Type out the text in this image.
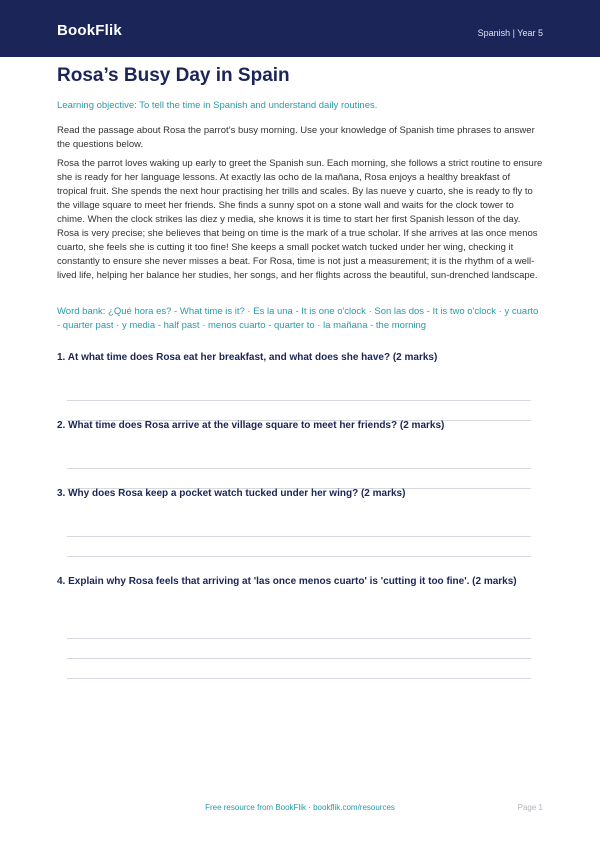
BookFlik	Spanish | Year 5
Rosa’s Busy Day in Spain
Learning objective: To tell the time in Spanish and understand daily routines.

Read the passage about Rosa the parrot’s busy morning. Use your knowledge of Spanish time phrases to answer the questions below.

Rosa the parrot loves waking up early to greet the Spanish sun. Each morning, she follows a strict routine to ensure she is ready for her language lessons. At exactly las ocho de la mañana, Rosa enjoys a healthy breakfast of tropical fruit. She spends the next hour practising her trills and scales. By las nueve y cuarto, she is ready to fly to the village square to meet her friends. She finds a sunny spot on a stone wall and waits for the clock tower to chime. When the clock strikes las diez y media, she knows it is time to start her first Spanish lesson of the day. Rosa is very precise; she believes that being on time is the mark of a true scholar. If she arrives at las once menos cuarto, she feels she is cutting it too fine! She keeps a small pocket watch tucked under her wing, checking it constantly to ensure she never misses a beat. For Rosa, time is not just a measurement; it is the rhythm of a well-lived life, helping her balance her studies, her songs, and her flights across the beautiful, sun-drenched landscape.

Word bank: ¿Qué hora es? - What time is it? · Es la una - It is one o'clock · Son las dos - It is two o'clock · y cuarto - quarter past · y media - half past · menos cuarto - quarter to · la mañana - the morning

1. At what time does Rosa eat her breakfast, and what does she have? (2 marks)

2. What time does Rosa arrive at the village square to meet her friends? (2 marks)

3. Why does Rosa keep a pocket watch tucked under her wing? (2 marks)

4. Explain why Rosa feels that arriving at 'las once menos cuarto' is 'cutting it too fine'. (2 marks)

Free resource from BookFlik · bookflik.com/resources	Page 1
